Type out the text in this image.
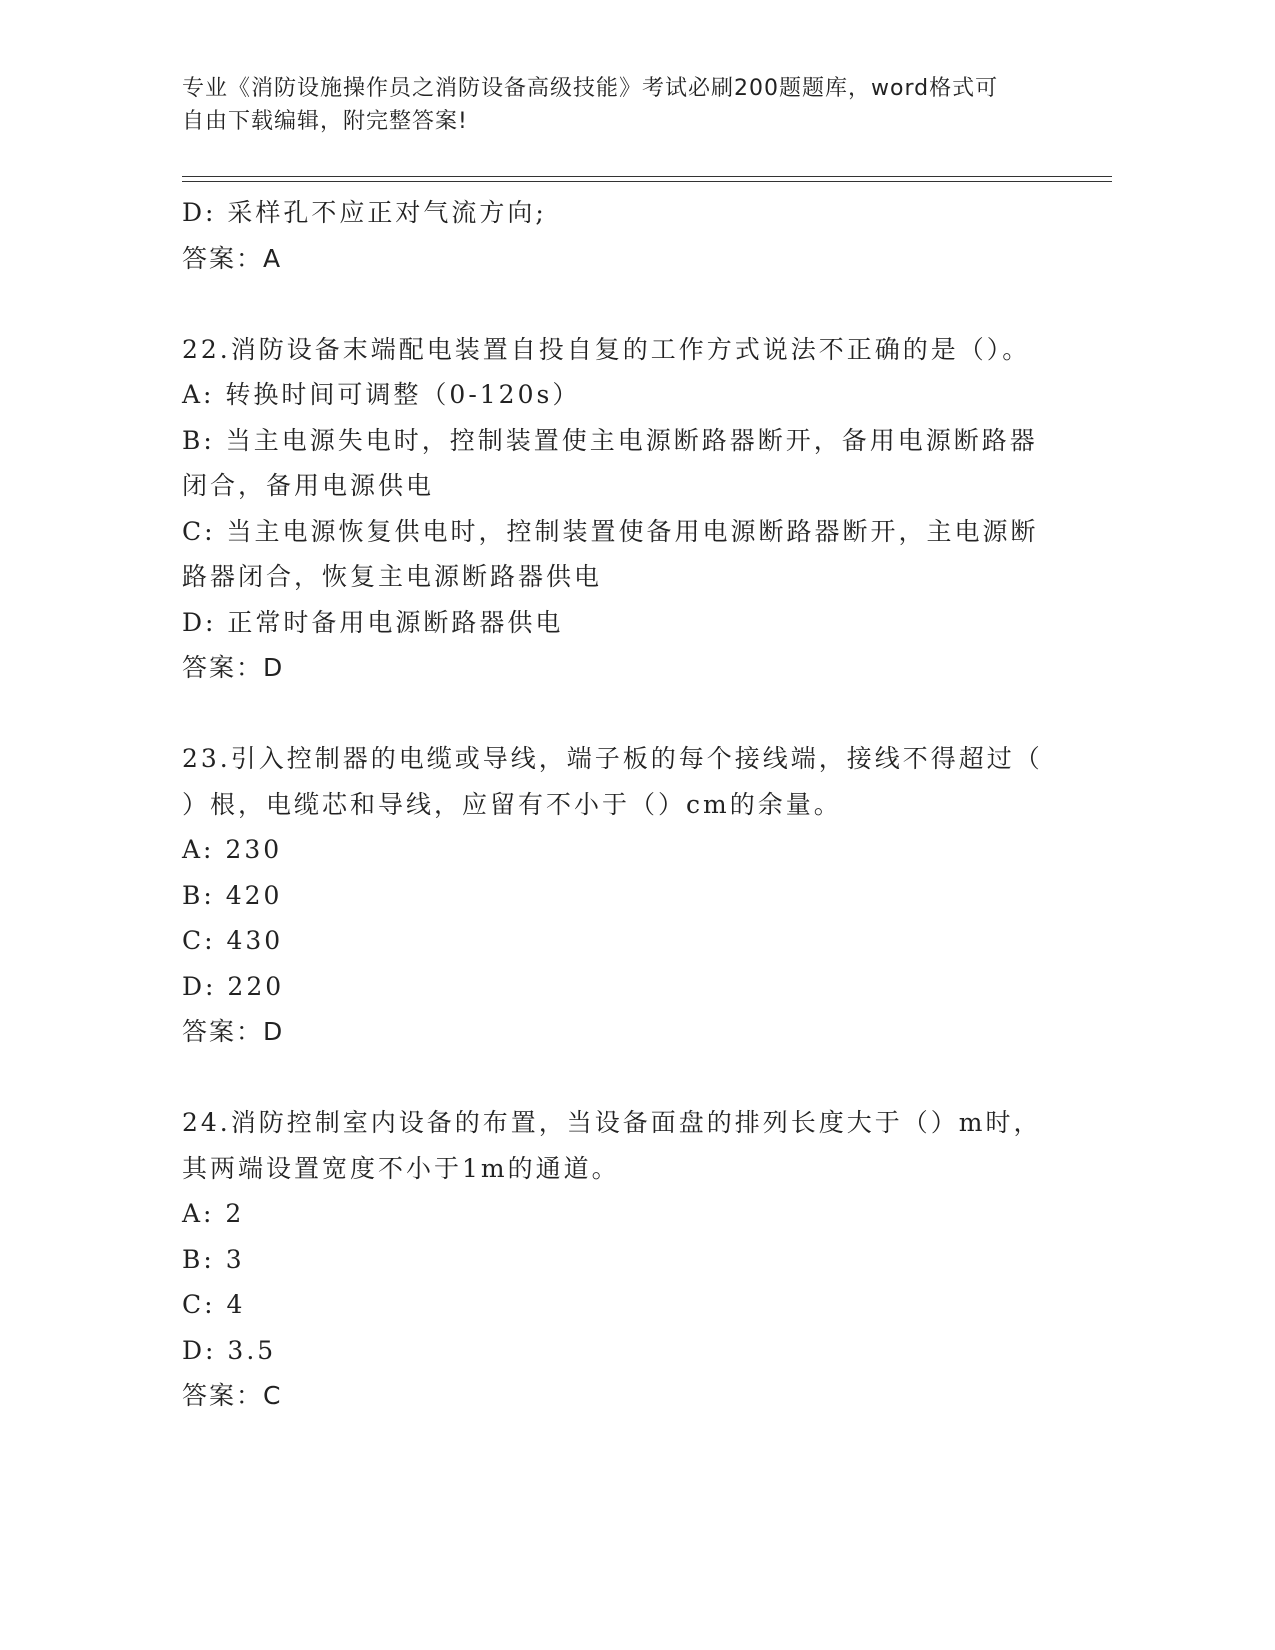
专业《消防设施操作员之消防设备高级技能》考试必刷200题题库，word格式可
自由下载编辑，附完整答案!

D: 采样孔不应正对气流方向;

答案：A

22.消防设备末端配电装置自投自复的工作方式说法不正确的是（）。

A: 转换时间可调整（0-120s）

B: 当主电源失电时，控制装置使主电源断路器断开，备用电源断路器

闭合，备用电源供电

C: 当主电源恢复供电时，控制装置使备用电源断路器断开，主电源断

路器闭合，恢复主电源断路器供电

D: 正常时备用电源断路器供电

答案：D

23.引入控制器的电缆或导线，端子板的每个接线端，接线不得超过（

）根，电缆芯和导线，应留有不小于（）cm的余量。

A: 230

B: 420

C: 430

D: 220

答案：D

24.消防控制室内设备的布置，当设备面盘的排列长度大于（）m时，

其两端设置宽度不小于1m的通道。

A: 2

B: 3

C: 4

D: 3.5

答案：C
